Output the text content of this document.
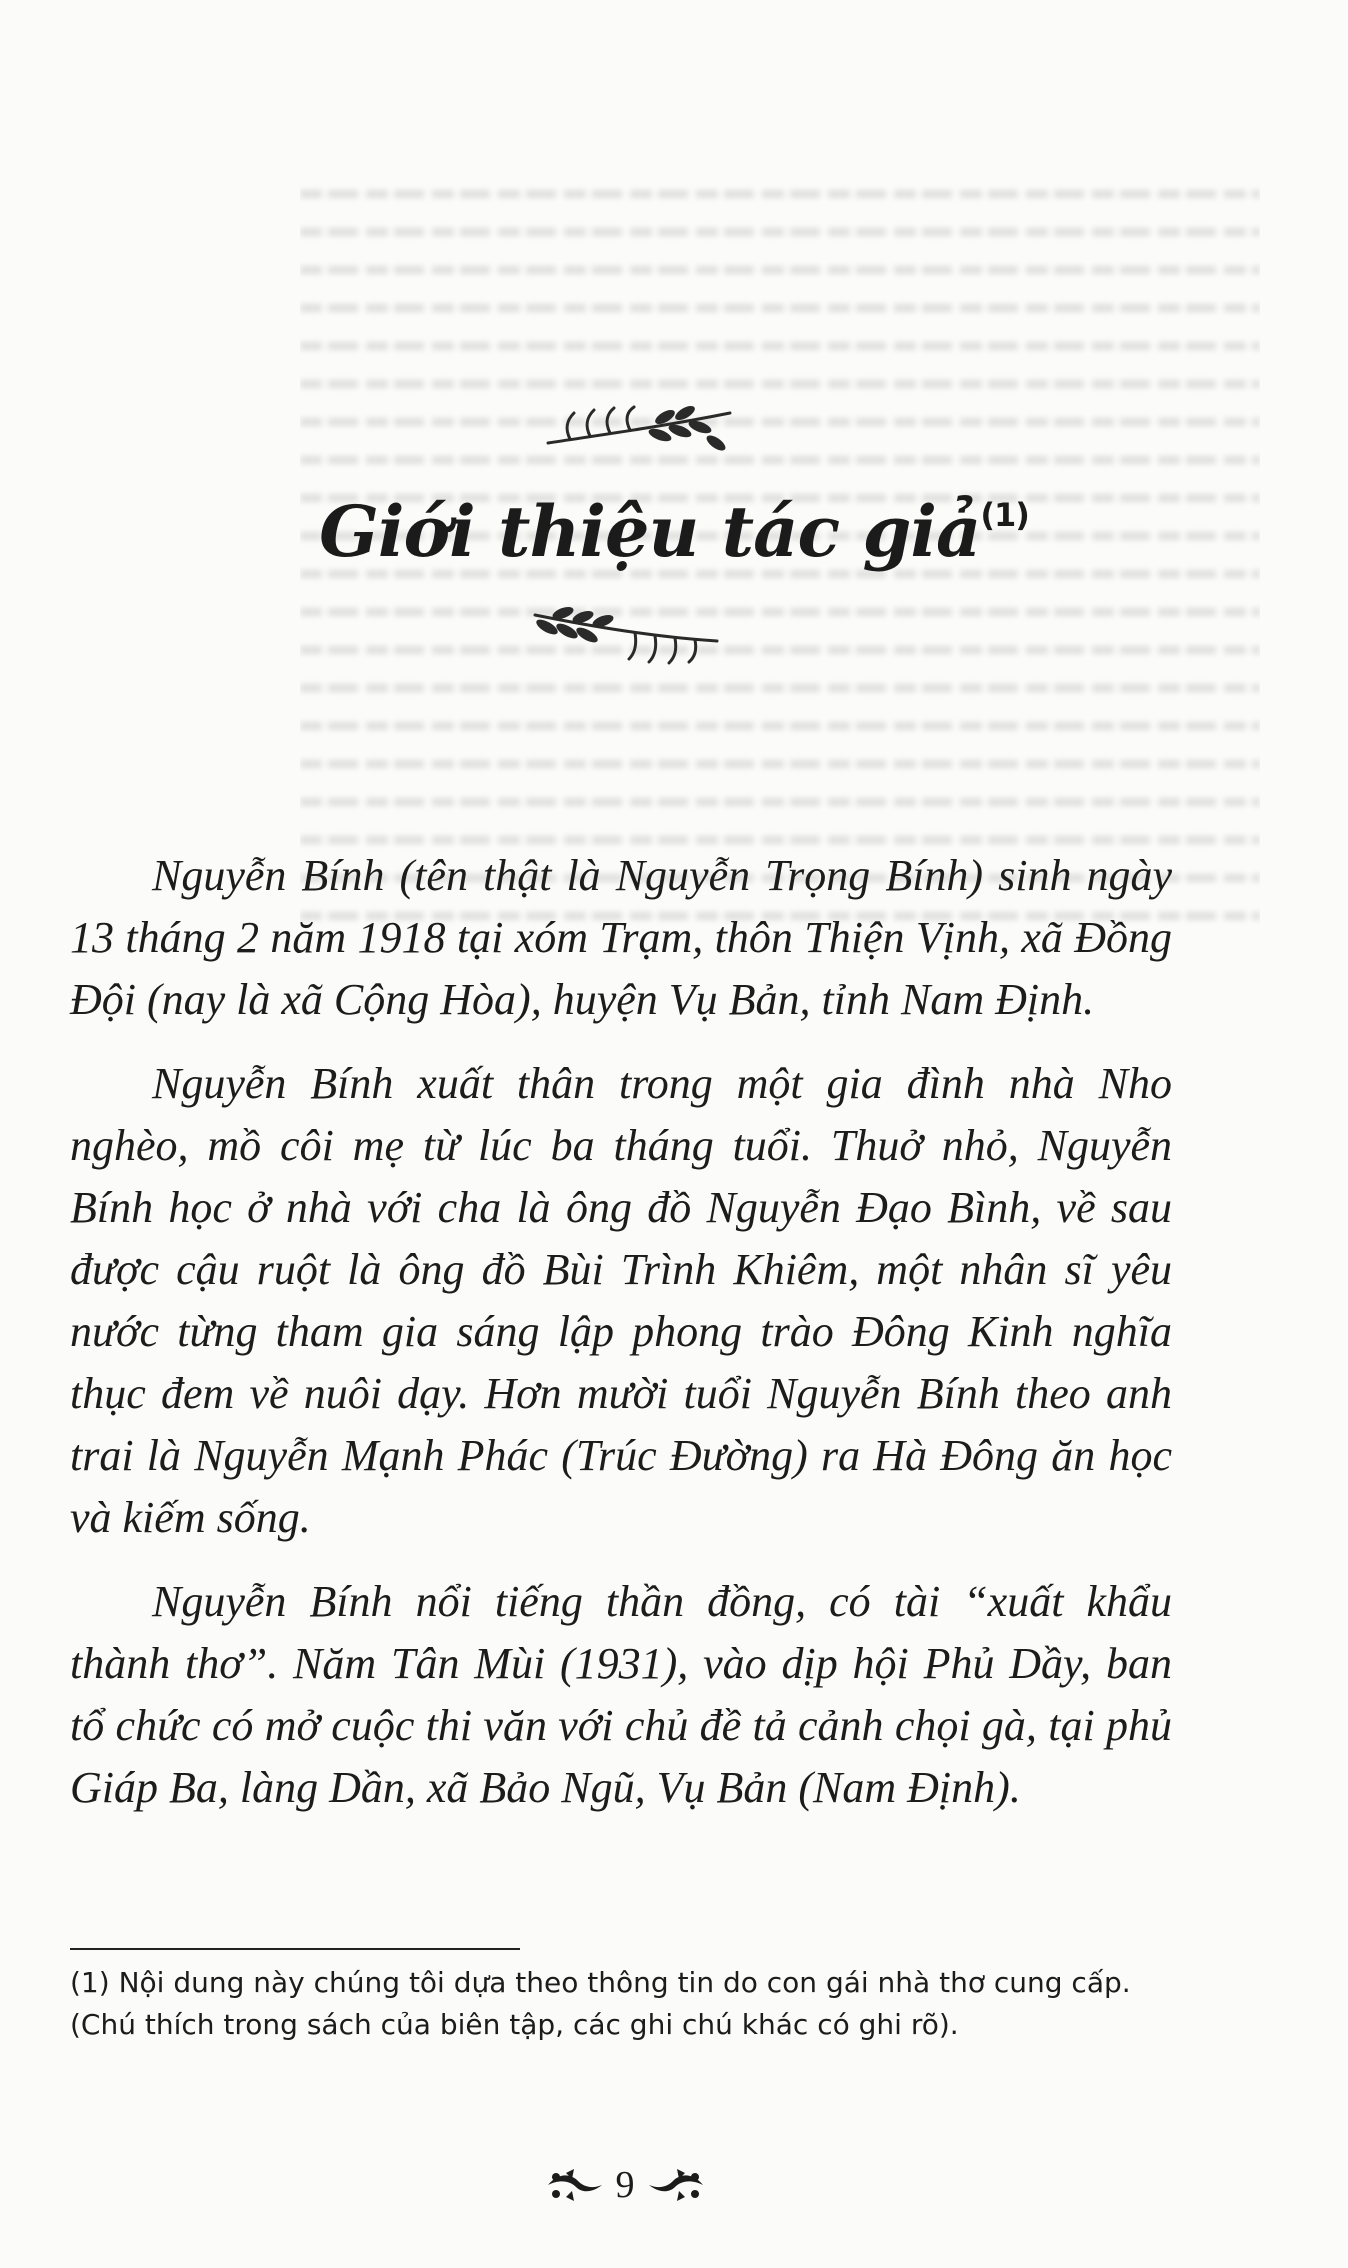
Giới thiệu tác giả$^{(1)}$

Nguyễn Bính (tên thật là Nguyễn Trọng Bính) sinh ngày 13 tháng 2 năm 1918 tại xóm Trạm, thôn Thiện Vịnh, xã Đồng Đội (nay là xã Cộng Hòa), huyện Vụ Bản, tỉnh Nam Định.

Nguyễn Bính xuất thân trong một gia đình nhà Nho nghèo, mồ côi mẹ từ lúc ba tháng tuổi. Thuở nhỏ, Nguyễn Bính học ở nhà với cha là ông đồ Nguyễn Đạo Bình, về sau được cậu ruột là ông đồ Bùi Trình Khiêm, một nhân sĩ yêu nước từng tham gia sáng lập phong trào Đông Kinh nghĩa thục đem về nuôi dạy. Hơn mười tuổi Nguyễn Bính theo anh trai là Nguyễn Mạnh Phác (Trúc Đường) ra Hà Đông ăn học và kiếm sống.

Nguyễn Bính nổi tiếng thần đồng, có tài “xuất khẩu thành thơ”. Năm Tân Mùi (1931), vào dịp hội Phủ Dầy, ban tổ chức có mở cuộc thi văn với chủ đề tả cảnh chọi gà, tại phủ Giáp Ba, làng Dần, xã Bảo Ngũ, Vụ Bản (Nam Định).

(1) Nội dung này chúng tôi dựa theo thông tin do con gái nhà thơ cung cấp. (Chú thích trong sách của biên tập, các ghi chú khác có ghi rõ).

9
